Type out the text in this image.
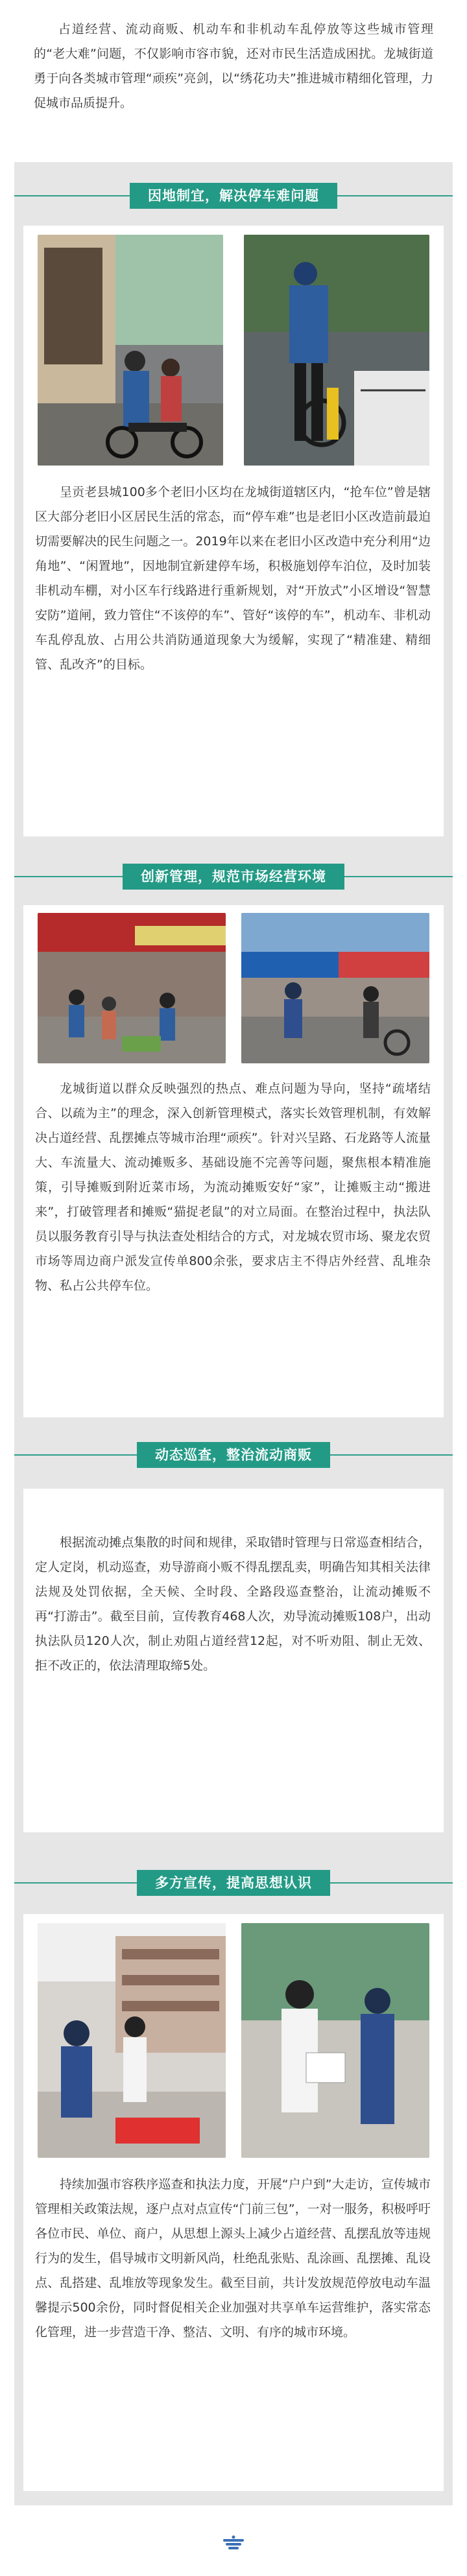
占道经营、流动商贩、机动车和非机动车乱停放等这些城市管理的“老大难”问题，不仅影响市容市貌，还对市民生活造成困扰。龙城街道勇于向各类城市管理“顽疾”亮剑，以“绣花功夫”推进城市精细化管理，力促城市品质提升。

因地制宜，解决停车难问题

呈贡老县城100多个老旧小区均在龙城街道辖区内，“抢车位”曾是辖区大部分老旧小区居民生活的常态，而“停车难”也是老旧小区改造前最迫切需要解决的民生问题之一。2019年以来在老旧小区改造中充分利用“边角地”、“闲置地”，因地制宜新建停车场，积极施划停车泊位，及时加装非机动车棚，对小区车行线路进行重新规划，对“开放式”小区增设“智慧安防”道闸，致力管住“不该停的车”、管好“该停的车”，机动车、非机动车乱停乱放、占用公共消防通道现象大为缓解，实现了“精准建、精细管、乱改齐”的目标。

创新管理，规范市场经营环境

龙城街道以群众反映强烈的热点、难点问题为导向，坚持“疏堵结合、以疏为主”的理念，深入创新管理模式，落实长效管理机制，有效解决占道经营、乱摆摊点等城市治理“顽疾”。针对兴呈路、石龙路等人流量大、车流量大、流动摊贩多、基础设施不完善等问题，聚焦根本精准施策，引导摊贩到附近菜市场，为流动摊贩安好“家”，让摊贩主动“搬进来”，打破管理者和摊贩“猫捉老鼠”的对立局面。在整治过程中，执法队员以服务教育引导与执法查处相结合的方式，对龙城农贸市场、聚龙农贸市场等周边商户派发宣传单800余张，要求店主不得店外经营、乱堆杂物、私占公共停车位。

动态巡查，整治流动商贩

根据流动摊点集散的时间和规律，采取错时管理与日常巡查相结合，定人定岗，机动巡查，劝导游商小贩不得乱摆乱卖，明确告知其相关法律法规及处罚依据，全天候、全时段、全路段巡查整治，让流动摊贩不再“打游击”。截至目前，宣传教育468人次，劝导流动摊贩108户，出动执法队员120人次，制止劝阻占道经营12起，对不听劝阻、制止无效、拒不改正的，依法清理取缔5处。

多方宣传，提高思想认识

持续加强市容秩序巡查和执法力度，开展“户户到”大走访，宣传城市管理相关政策法规，逐户点对点宣传“门前三包”，一对一服务，积极呼吁各位市民、单位、商户，从思想上源头上减少占道经营、乱摆乱放等违规行为的发生，倡导城市文明新风尚，杜绝乱张贴、乱涂画、乱摆摊、乱设点、乱搭建、乱堆放等现象发生。截至目前，共计发放规范停放电动车温馨提示500余份，同时督促相关企业加强对共享单车运营维护，落实常态化管理，进一步营造干净、整洁、文明、有序的城市环境。
